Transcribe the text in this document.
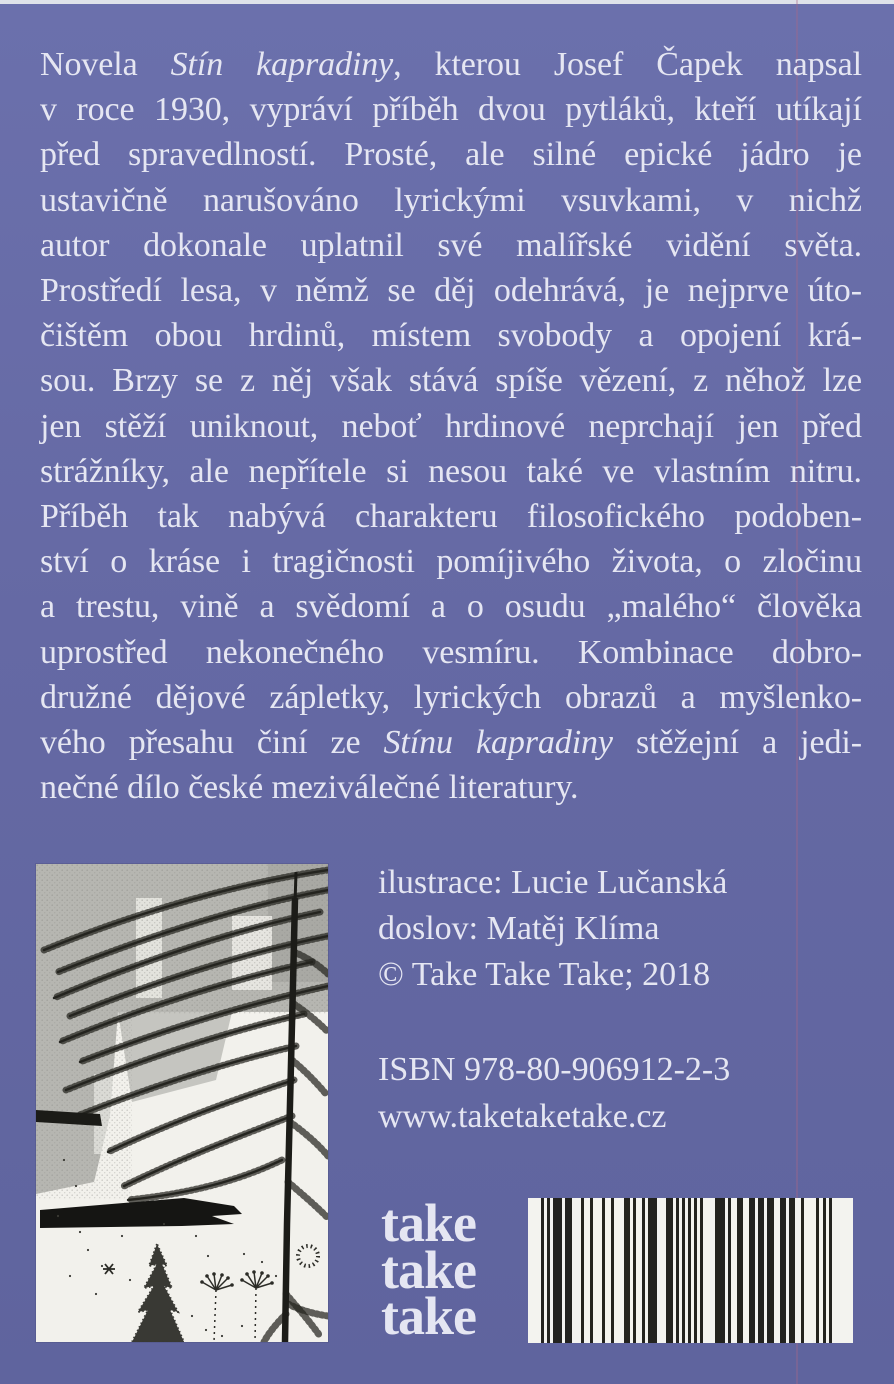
Novela Stín kapradiny, kterou Josef Čapek napsal
v roce 1930, vypráví příběh dvou pytláků, kteří utíkají
před spravedlností. Prosté, ale silné epické jádro je
ustavičně narušováno lyrickými vsuvkami, v nichž
autor dokonale uplatnil své malířské vidění světa.
Prostředí lesa, v němž se děj odehrává, je nejprve úto-
čištěm obou hrdinů, místem svobody a opojení krá-
sou. Brzy se z něj však stává spíše vězení, z něhož lze
jen stěží uniknout, neboť hrdinové neprchají jen před
strážníky, ale nepřítele si nesou také ve vlastním nitru.
Příběh tak nabývá charakteru filosofického podoben-
ství o kráse i tragičnosti pomíjivého života, o zločinu
a trestu, vině a svědomí a o osudu „malého“ člověka
uprostřed nekonečného vesmíru. Kombinace dobro-
družné dějové zápletky, lyrických obrazů a myšlenko-
vého přesahu činí ze Stínu kapradiny stěžejní a jedi-
nečné dílo české meziválečné literatury.
ilustrace: Lucie Lučanská
doslov: Matěj Klíma
© Take Take Take; 2018
ISBN 978-80-906912-2-3
www.taketaketake.cz
take
take
take
